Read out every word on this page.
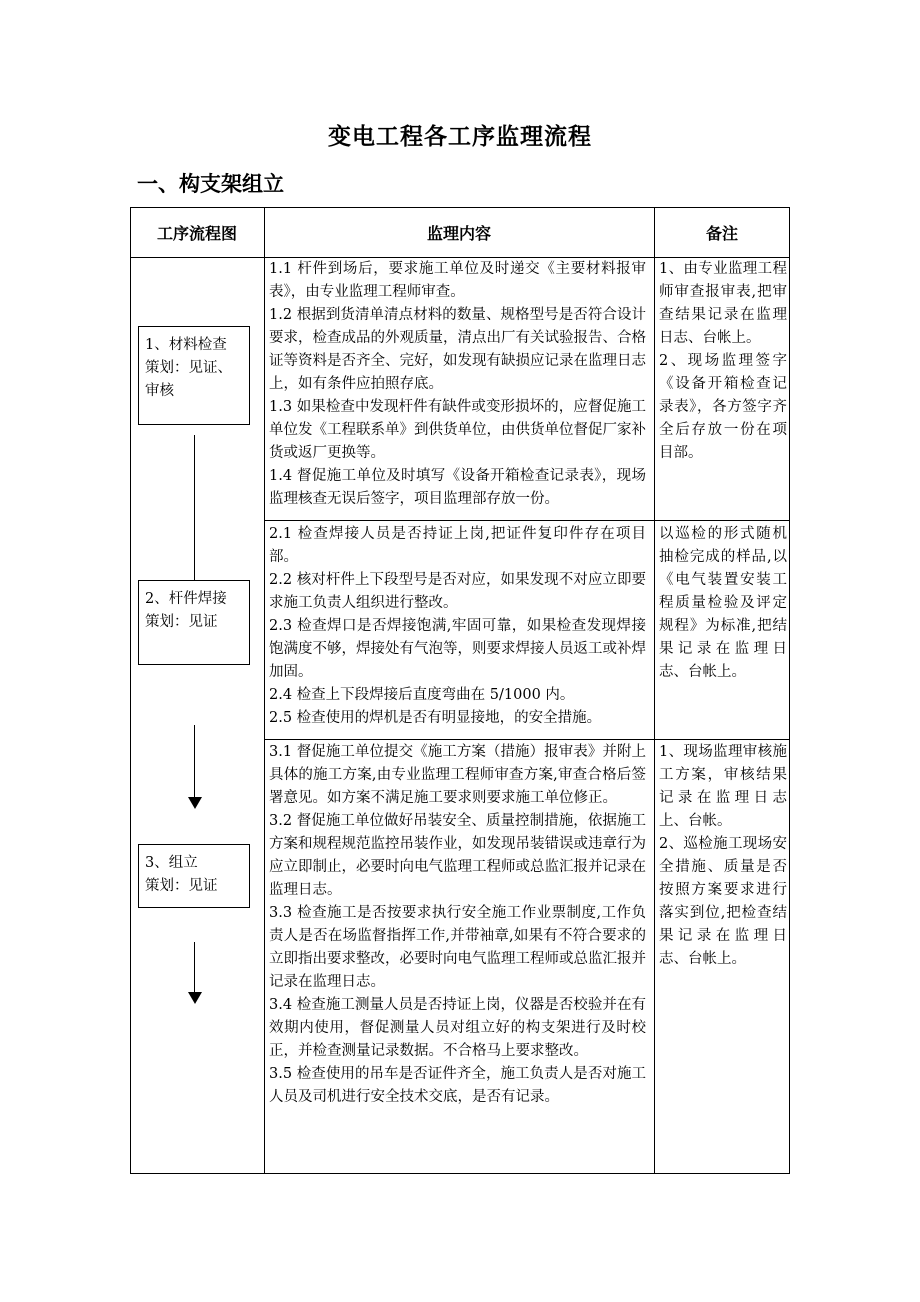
变电工程各工序监理流程
一、构支架组立
工序流程图	监理内容	备注
1、材料检查
策划：见证、
审核
2、杆件焊接
策划：见证
3、组立
策划：见证

1.1 杆件到场后，要求施工单位及时递交《主要材料报审表》，由专业监理工程师审查。

1.2 根据到货清单清点材料的数量、规格型号是否符合设计要求，检查成品的外观质量，清点出厂有关试验报告、合格证等资料是否齐全、完好，如发现有缺损应记录在监理日志上，如有条件应拍照存底。

1.3 如果检查中发现杆件有缺件或变形损坏的，应督促施工单位发《工程联系单》到供货单位，由供货单位督促厂家补货或返厂更换等。

1.4 督促施工单位及时填写《设备开箱检查记录表》，现场监理核查无误后签字，项目监理部存放一份。

1、由专业监理工程师审查报审表,把审查结果记录在监理日志、台帐上。

2、现场监理签字《设备开箱检查记录表》，各方签字齐全后存放一份在项目部。

2.1 检查焊接人员是否持证上岗,把证件复印件存在项目部。

2.2 核对杆件上下段型号是否对应，如果发现不对应立即要求施工负责人组织进行整改。

2.3 检查焊口是否焊接饱满,牢固可靠，如果检查发现焊接饱满度不够，焊接处有气泡等，则要求焊接人员返工或补焊加固。

2.4 检查上下段焊接后直度弯曲在 5/1000 内。

2.5 检查使用的焊机是否有明显接地，的安全措施。

以巡检的形式随机抽检完成的样品,以《电气装置安装工程质量检验及评定规程》为标准,把结果记录在监理日志、台帐上。

3.1 督促施工单位提交《施工方案（措施）报审表》并附上具体的施工方案,由专业监理工程师审查方案,审查合格后签署意见。如方案不满足施工要求则要求施工单位修正。

3.2 督促施工单位做好吊装安全、质量控制措施，依据施工方案和规程规范监控吊装作业，如发现吊装错误或违章行为应立即制止，必要时向电气监理工程师或总监汇报并记录在监理日志。

3.3 检查施工是否按要求执行安全施工作业票制度,工作负责人是否在场监督指挥工作,并带袖章,如果有不符合要求的立即指出要求整改，必要时向电气监理工程师或总监汇报并记录在监理日志。

3.4 检查施工测量人员是否持证上岗，仪器是否校验并在有效期内使用，督促测量人员对组立好的构支架进行及时校正，并检查测量记录数据。不合格马上要求整改。

3.5 检查使用的吊车是否证件齐全，施工负责人是否对施工人员及司机进行安全技术交底，是否有记录。

1、现场监理审核施工方案，审核结果记录在监理日志上、台帐。

2、巡检施工现场安全措施、质量是否按照方案要求进行落实到位,把检查结果记录在监理日志、台帐上。
